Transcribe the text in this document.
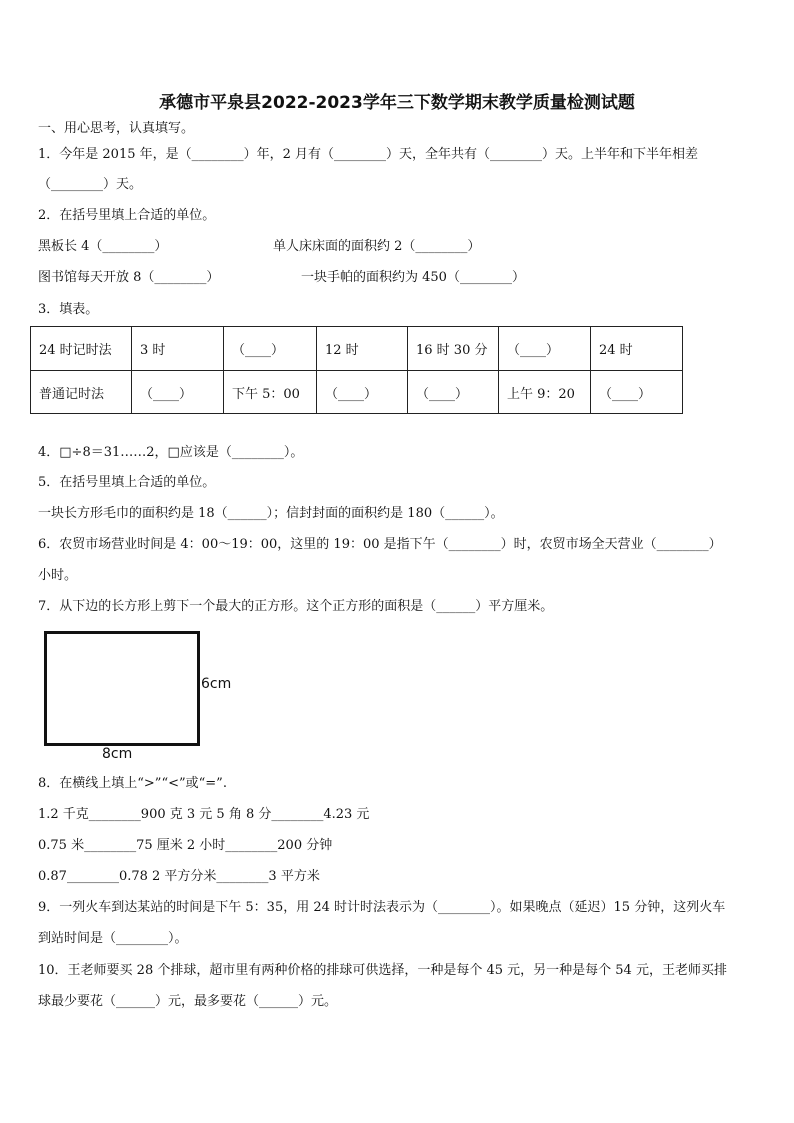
承德市平泉县2022-2023学年三下数学期末教学质量检测试题
一、用心思考，认真填写。
1．今年是 2015 年，是（________）年，2 月有（________）天，全年共有（________）天。上半年和下半年相差
（________）天。
2．在括号里填上合适的单位。
黑板长 4（________）	单人床床面的面积约 2（________）
图书馆每天开放 8（________）	一块手帕的面积约为 450（________）
3．填表。
24 时记时法	3 时	（____）	12 时	16 时 30 分	（____）	24 时
普通记时法	（____）	下午 5：00	（____）	（____）	上午 9：20	（____）
4．□÷8＝31……2，□应该是（________）。
5．在括号里填上合适的单位。
一块长方形毛巾的面积约是 18（______）；信封封面的面积约是 180（______）。
6．农贸市场营业时间是 4：00～19：00，这里的 19：00 是指下午（________）时，农贸市场全天营业（________）
小时。
7．从下边的长方形上剪下一个最大的正方形。这个正方形的面积是（______）平方厘米。
6cm
8cm
8．在横线上填上“>”“<”或“=”.
1.2 千克________900 克 3 元 5 角 8 分________4.23 元
0.75 米________75 厘米 2 小时________200 分钟
0.87________0.78 2 平方分米________3 平方米
9．一列火车到达某站的时间是下午 5：35，用 24 时计时法表示为（________）。如果晚点（延迟）15 分钟，这列火车
到站时间是（________）。
10．王老师要买 28 个排球，超市里有两种价格的排球可供选择，一种是每个 45 元，另一种是每个 54 元，王老师买排
球最少要花（______）元，最多要花（______）元。
